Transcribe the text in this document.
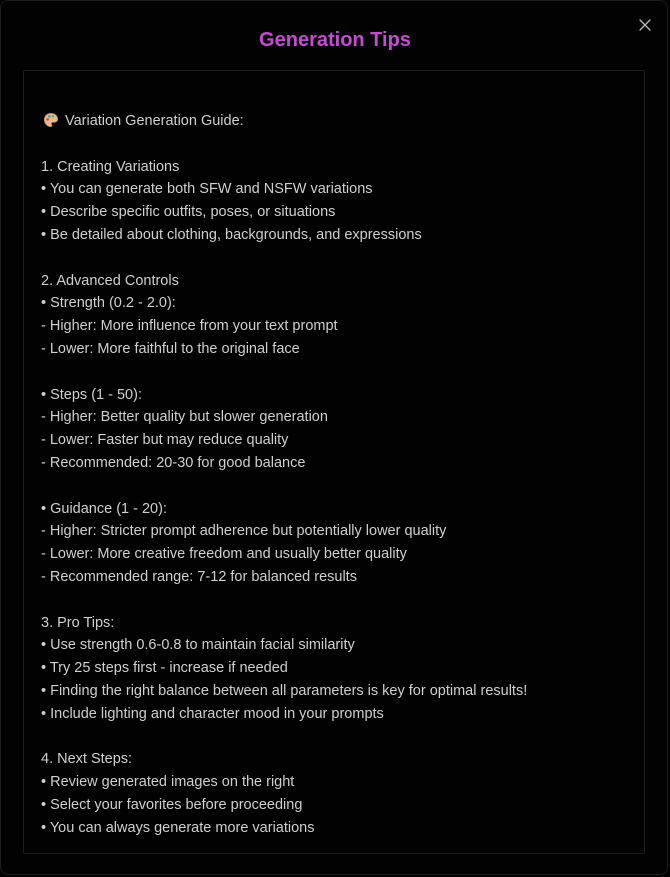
Generation Tips
Variation Generation Guide:
1. Creating Variations
• You can generate both SFW and NSFW variations
• Describe specific outfits, poses, or situations
• Be detailed about clothing, backgrounds, and expressions
2. Advanced Controls
• Strength (0.2 - 2.0):
- Higher: More influence from your text prompt
- Lower: More faithful to the original face
• Steps (1 - 50):
- Higher: Better quality but slower generation
- Lower: Faster but may reduce quality
- Recommended: 20-30 for good balance
• Guidance (1 - 20):
- Higher: Stricter prompt adherence but potentially lower quality
- Lower: More creative freedom and usually better quality
- Recommended range: 7-12 for balanced results
3. Pro Tips:
• Use strength 0.6-0.8 to maintain facial similarity
• Try 25 steps first - increase if needed
• Finding the right balance between all parameters is key for optimal results!
• Include lighting and character mood in your prompts
4. Next Steps:
• Review generated images on the right
• Select your favorites before proceeding
• You can always generate more variations
